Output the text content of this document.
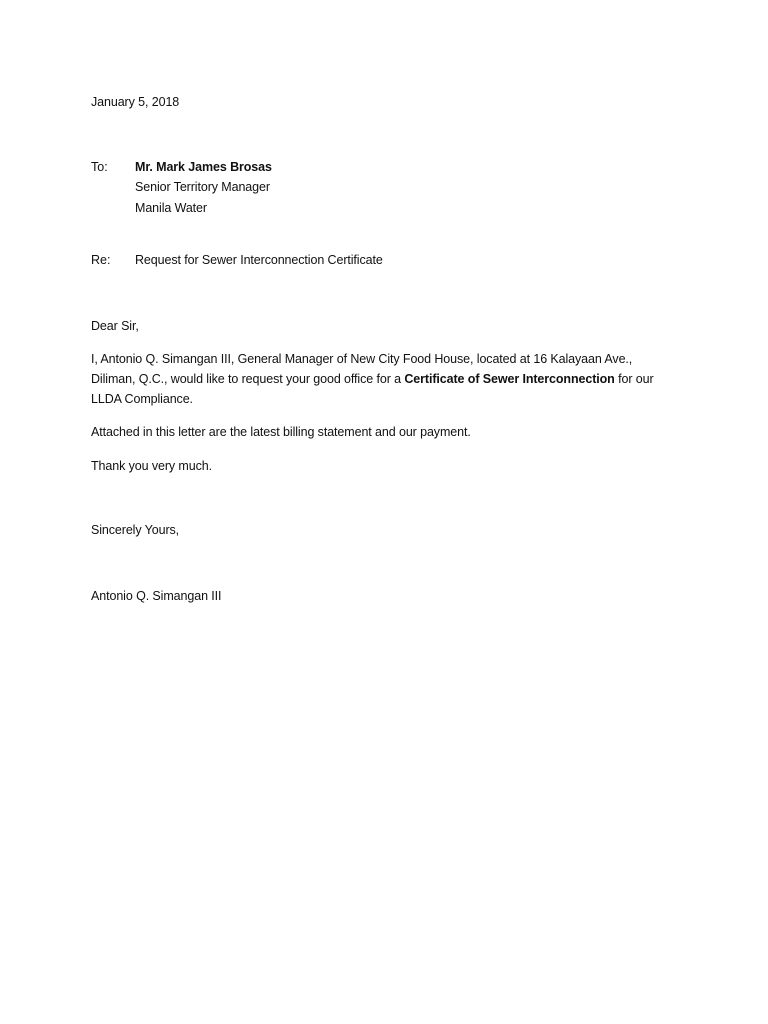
January 5, 2018
To: Mr. Mark James Brosas
Senior Territory Manager
Manila Water
Re: Request for Sewer Interconnection Certificate
Dear Sir,
I, Antonio Q. Simangan III, General Manager of New City Food House, located at 16 Kalayaan Ave.,
Diliman, Q.C., would like to request your good office for a Certificate of Sewer Interconnection for our
LLDA Compliance.
Attached in this letter are the latest billing statement and our payment.
Thank you very much.
Sincerely Yours,
Antonio Q. Simangan III
